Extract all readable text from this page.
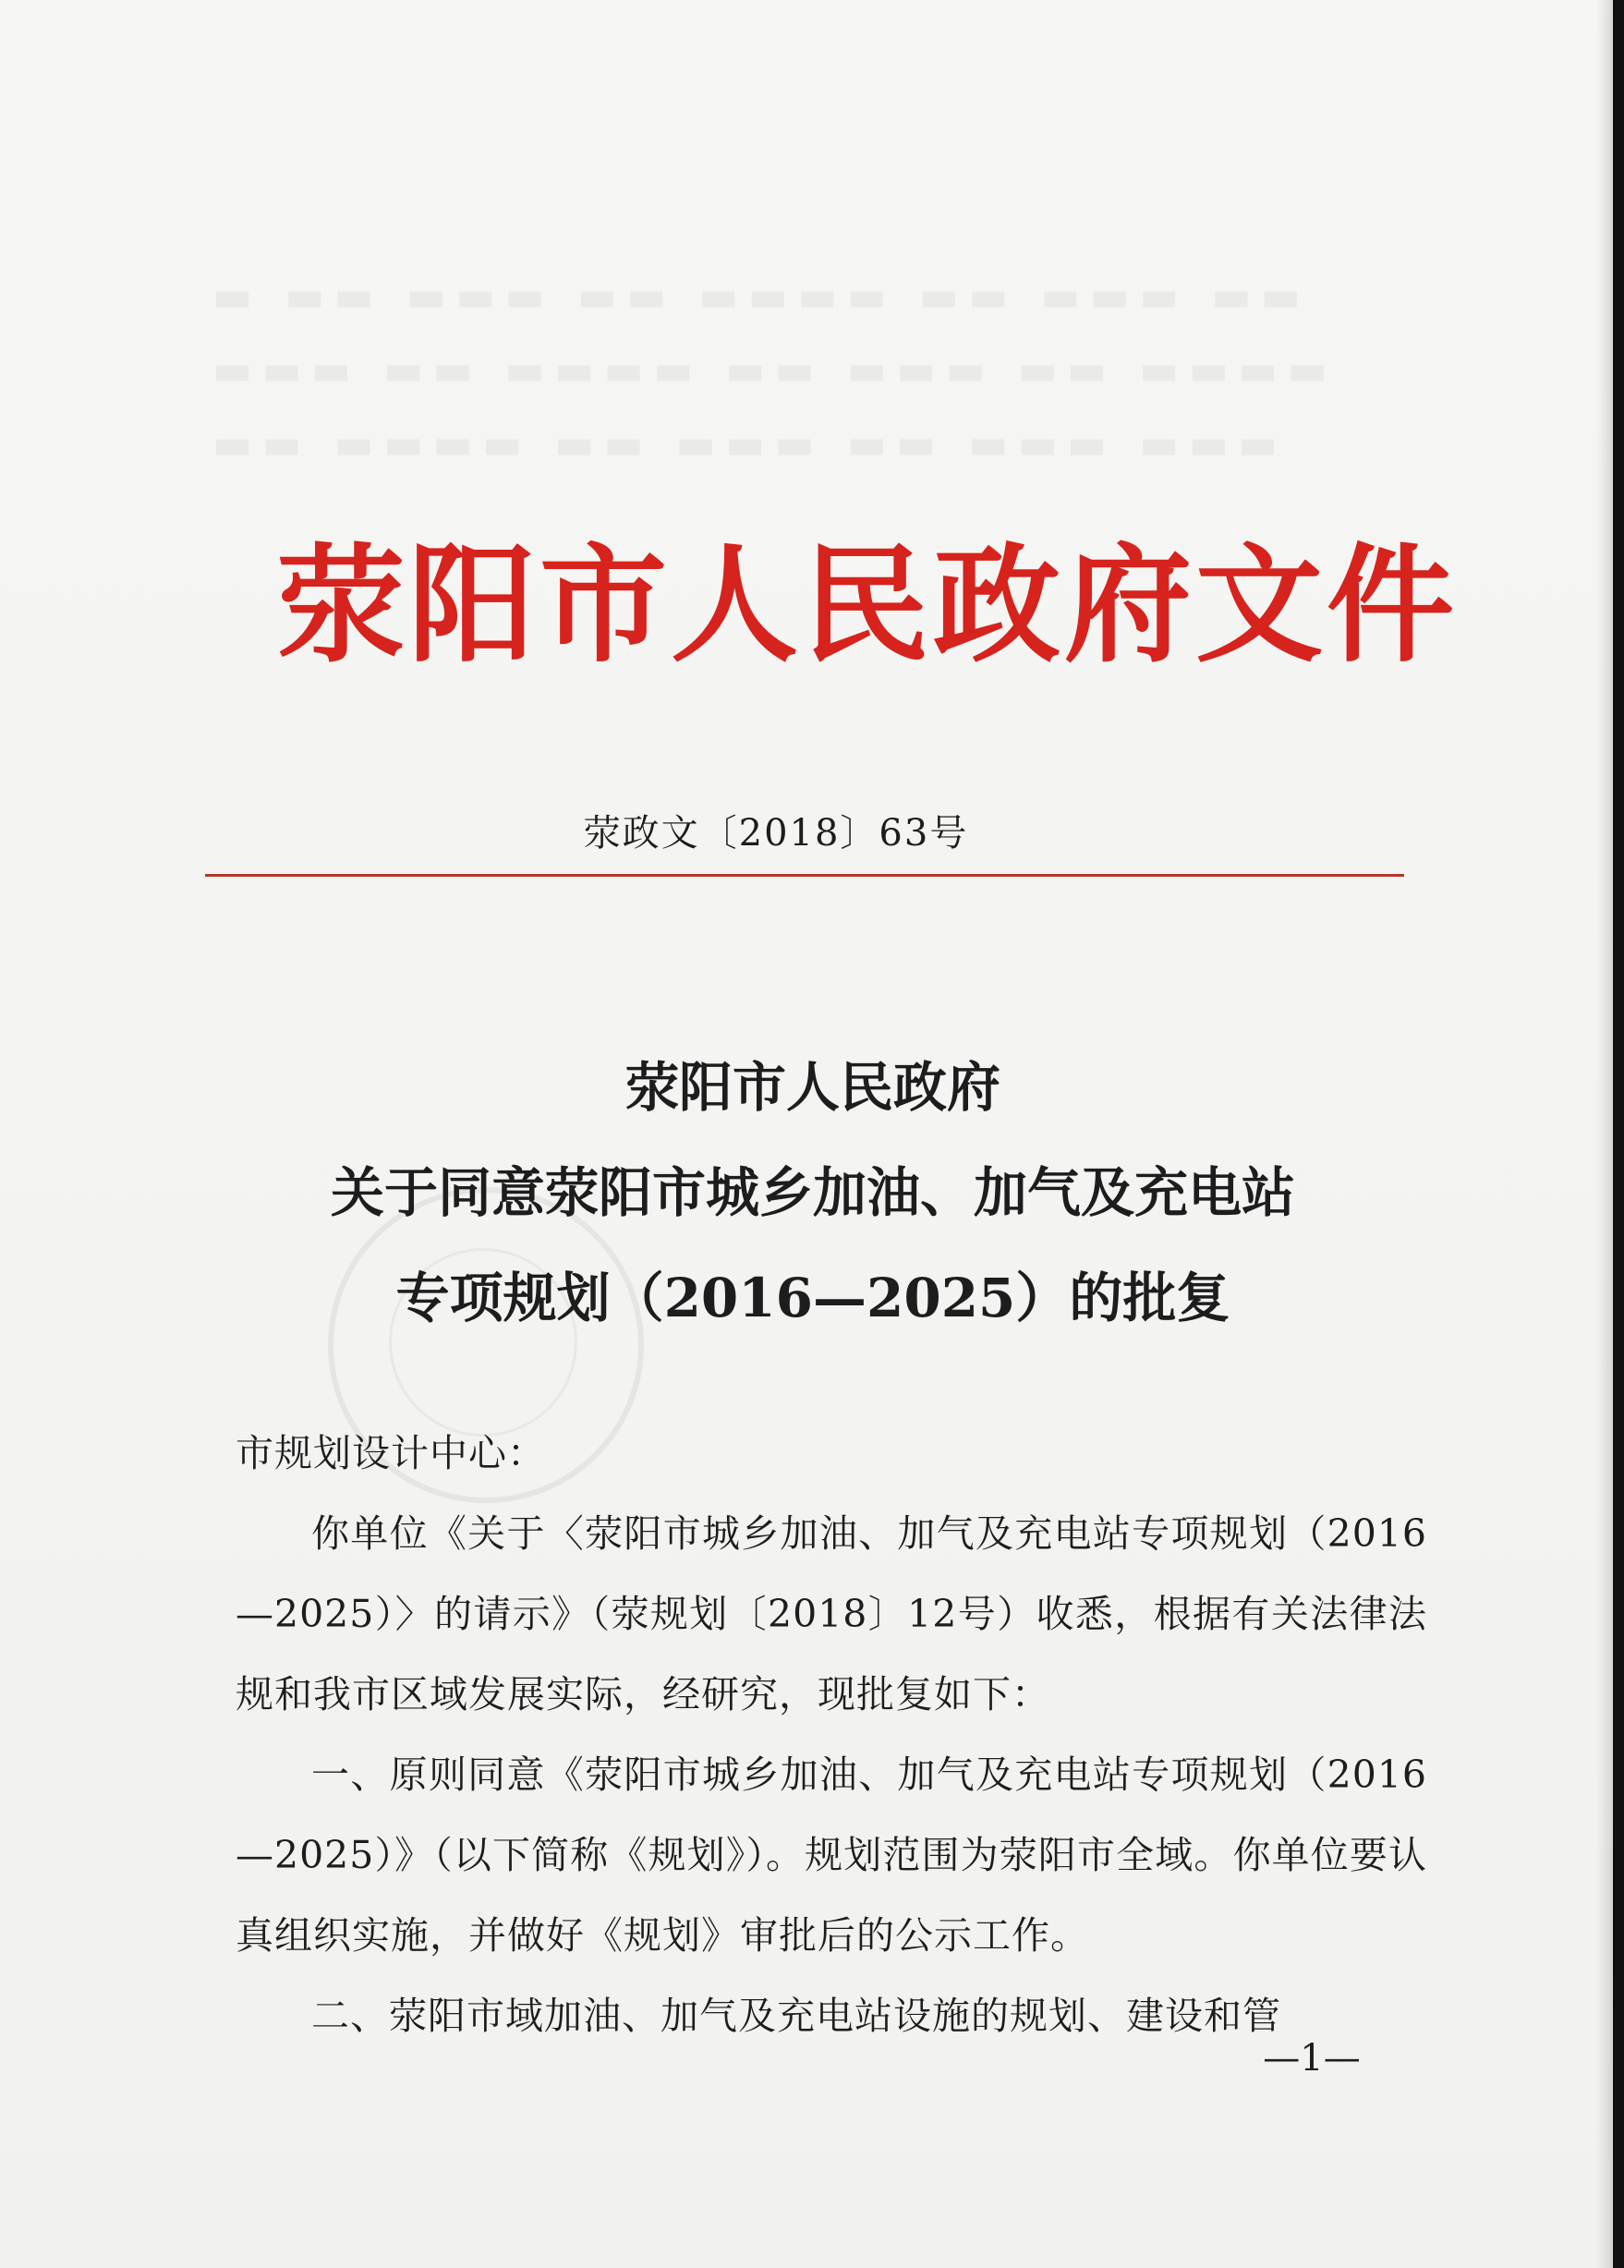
▬ ▬▬ ▬▬▬ ▬▬ ▬▬▬▬ ▬▬ ▬▬▬ ▬▬
▬▬▬ ▬▬ ▬▬▬▬ ▬▬ ▬▬▬ ▬▬ ▬▬▬▬
▬▬ ▬▬▬▬ ▬▬ ▬▬▬ ▬▬ ▬▬▬ ▬▬▬
荥阳市人民政府文件
荥政文〔2018〕63号
荥阳市人民政府
关于同意荥阳市城乡加油、加气及充电站
专项规划（2016—2025）的批复

市规划设计中心：

你单位《关于〈荥阳市城乡加油、加气及充电站专项规划（2016—2025）〉的请示》（荥规划〔2018〕12号）收悉，根据有关法律法规和我市区域发展实际，经研究，现批复如下：

一、原则同意《荥阳市城乡加油、加气及充电站专项规划（2016—2025）》（以下简称《规划》）。规划范围为荥阳市全域。你单位要认真组织实施，并做好《规划》审批后的公示工作。

二、荥阳市域加油、加气及充电站设施的规划、建设和管

—1—
